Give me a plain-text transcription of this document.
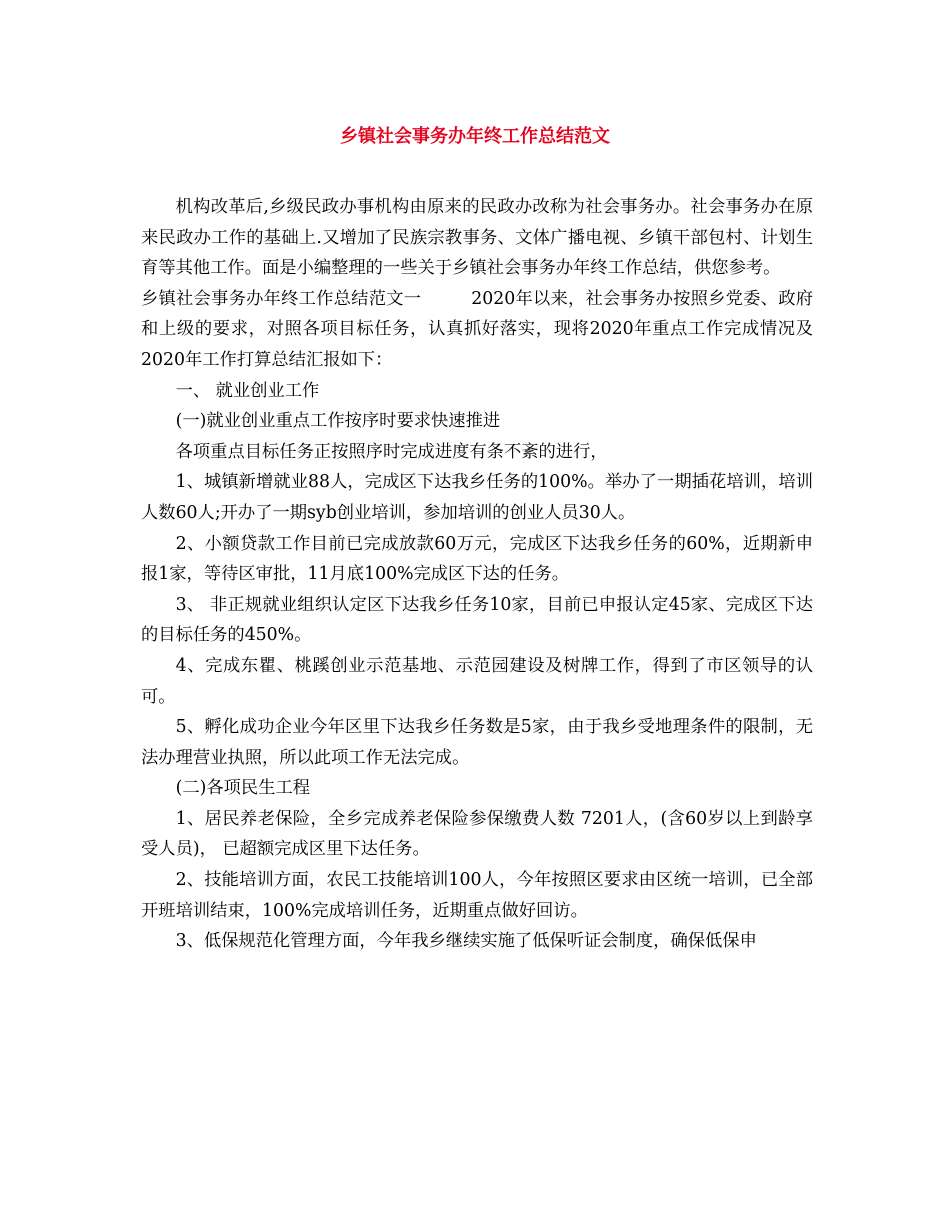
乡镇社会事务办年终工作总结范文

机构改革后,乡级民政办事机构由原来的民政办改称为社会事务办。社会事务办在原来民政办工作的基础上.又增加了民族宗教事务、文体广播电视、乡镇干部包村、计划生育等其他工作。面是小编整理的一些关于乡镇社会事务办年终工作总结，供您参考。

乡镇社会事务办年终工作总结范文一	2020年以来，社会事务办按照乡党委、政府和上级的要求，对照各项目标任务，认真抓好落实，现将2020年重点工作完成情况及2020年工作打算总结汇报如下：

一、 就业创业工作

(一)就业创业重点工作按序时要求快速推进

各项重点目标任务正按照序时完成进度有条不紊的进行，

1、城镇新增就业88人，完成区下达我乡任务的100%。举办了一期插花培训，培训人数60人;开办了一期syb创业培训，参加培训的创业人员30人。

2、小额贷款工作目前已完成放款60万元，完成区下达我乡任务的60%，近期新申报1家，等待区审批，11月底100%完成区下达的任务。

3、 非正规就业组织认定区下达我乡任务10家，目前已申报认定45家、完成区下达的目标任务的450%。

4、完成东瞿、桃蹊创业示范基地、示范园建设及树牌工作，得到了市区领导的认可。

5、孵化成功企业今年区里下达我乡任务数是5家，由于我乡受地理条件的限制，无法办理营业执照，所以此项工作无法完成。

(二)各项民生工程

1、居民养老保险，全乡完成养老保险参保缴费人数 7201人，(含60岁以上到龄享受人员)， 已超额完成区里下达任务。

2、技能培训方面，农民工技能培训100人，今年按照区要求由区统一培训，已全部开班培训结束，100%完成培训任务，近期重点做好回访。

3、低保规范化管理方面，今年我乡继续实施了低保听证会制度，确保低保申
